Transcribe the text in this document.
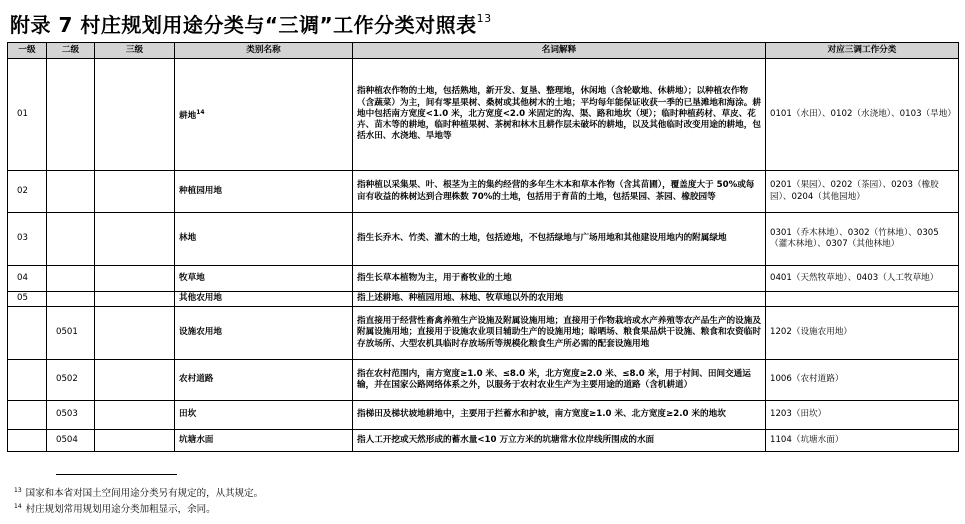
附录 7 村庄规划用途分类与“三调”工作分类对照表$^{13}$
一级	二级	三级	类别名称	名词解释	对应三调工作分类
01			耕地$^{14}$	指种植农作物的土地，包括熟地，新开发、复垦、整理地，休闲地（含轮歇地、休耕地）；以种植农作物（含蔬菜）为主，间有零星果树、桑树或其他树木的土地；平均每年能保证收获一季的已垦滩地和海涂。耕地中包括南方宽度<1.0 米，北方宽度<2.0 米固定的沟、渠、路和地坎（埂）；临时种植药材、草皮、花卉、苗木等的耕地，临时种植果树、茶树和林木且耕作层未破坏的耕地，以及其他临时改变用途的耕地，包括水田、水浇地、旱地等	0101（水田）、0102（水浇地）、0103（旱地）
02			种植园用地	指种植以采集果、叶、根茎为主的集约经营的多年生木本和草本作物（含其苗圃），覆盖度大于 50%或每亩有收益的株树达到合理株数 70%的土地，包括用于育苗的土地，包括果园、茶园、橡胶园等	0201（果园）、0202（茶园）、0203（橡胶园）、0204（其他园地）
03			林地	指生长乔木、竹类、灌木的土地，包括迹地，不包括绿地与广场用地和其他建设用地内的附属绿地	0301（乔木林地）、0302（竹林地）、0305（灌木林地）、0307（其他林地）
04			牧草地	指生长草本植物为主，用于畜牧业的土地	0401（天然牧草地）、0403（人工牧草地）
05			其他农用地	指上述耕地、种植园用地、林地、牧草地以外的农用地	
	0501		设施农用地	指直接用于经营性畜禽养殖生产设施及附属设施用地；直接用于作物栽培或水产养殖等农产品生产的设施及附属设施用地；直接用于设施农业项目辅助生产的设施用地；晾晒场、粮食果品烘干设施、粮食和农资临时存放场所、大型农机具临时存放场所等规模化粮食生产所必需的配套设施用地	1202（设施农用地）
	0502		农村道路	指在农村范围内，南方宽度≥1.0 米、≤8.0 米，北方宽度≥2.0 米、≤8.0 米，用于村间、田间交通运输，并在国家公路网络体系之外，以服务于农村农业生产为主要用途的道路（含机耕道）	1006（农村道路）
	0503		田坎	指梯田及梯状坡地耕地中，主要用于拦蓄水和护坡，南方宽度≥1.0 米、北方宽度≥2.0 米的地坎	1203（田坎）
	0504		坑塘水面	指人工开挖或天然形成的蓄水量<10 万立方米的坑塘常水位岸线所围成的水面	1104（坑塘水面）
$^{13}$ 国家和本省对国土空间用途分类另有规定的，从其规定。
$^{14}$ 村庄规划常用规划用途分类加粗显示，余同。
